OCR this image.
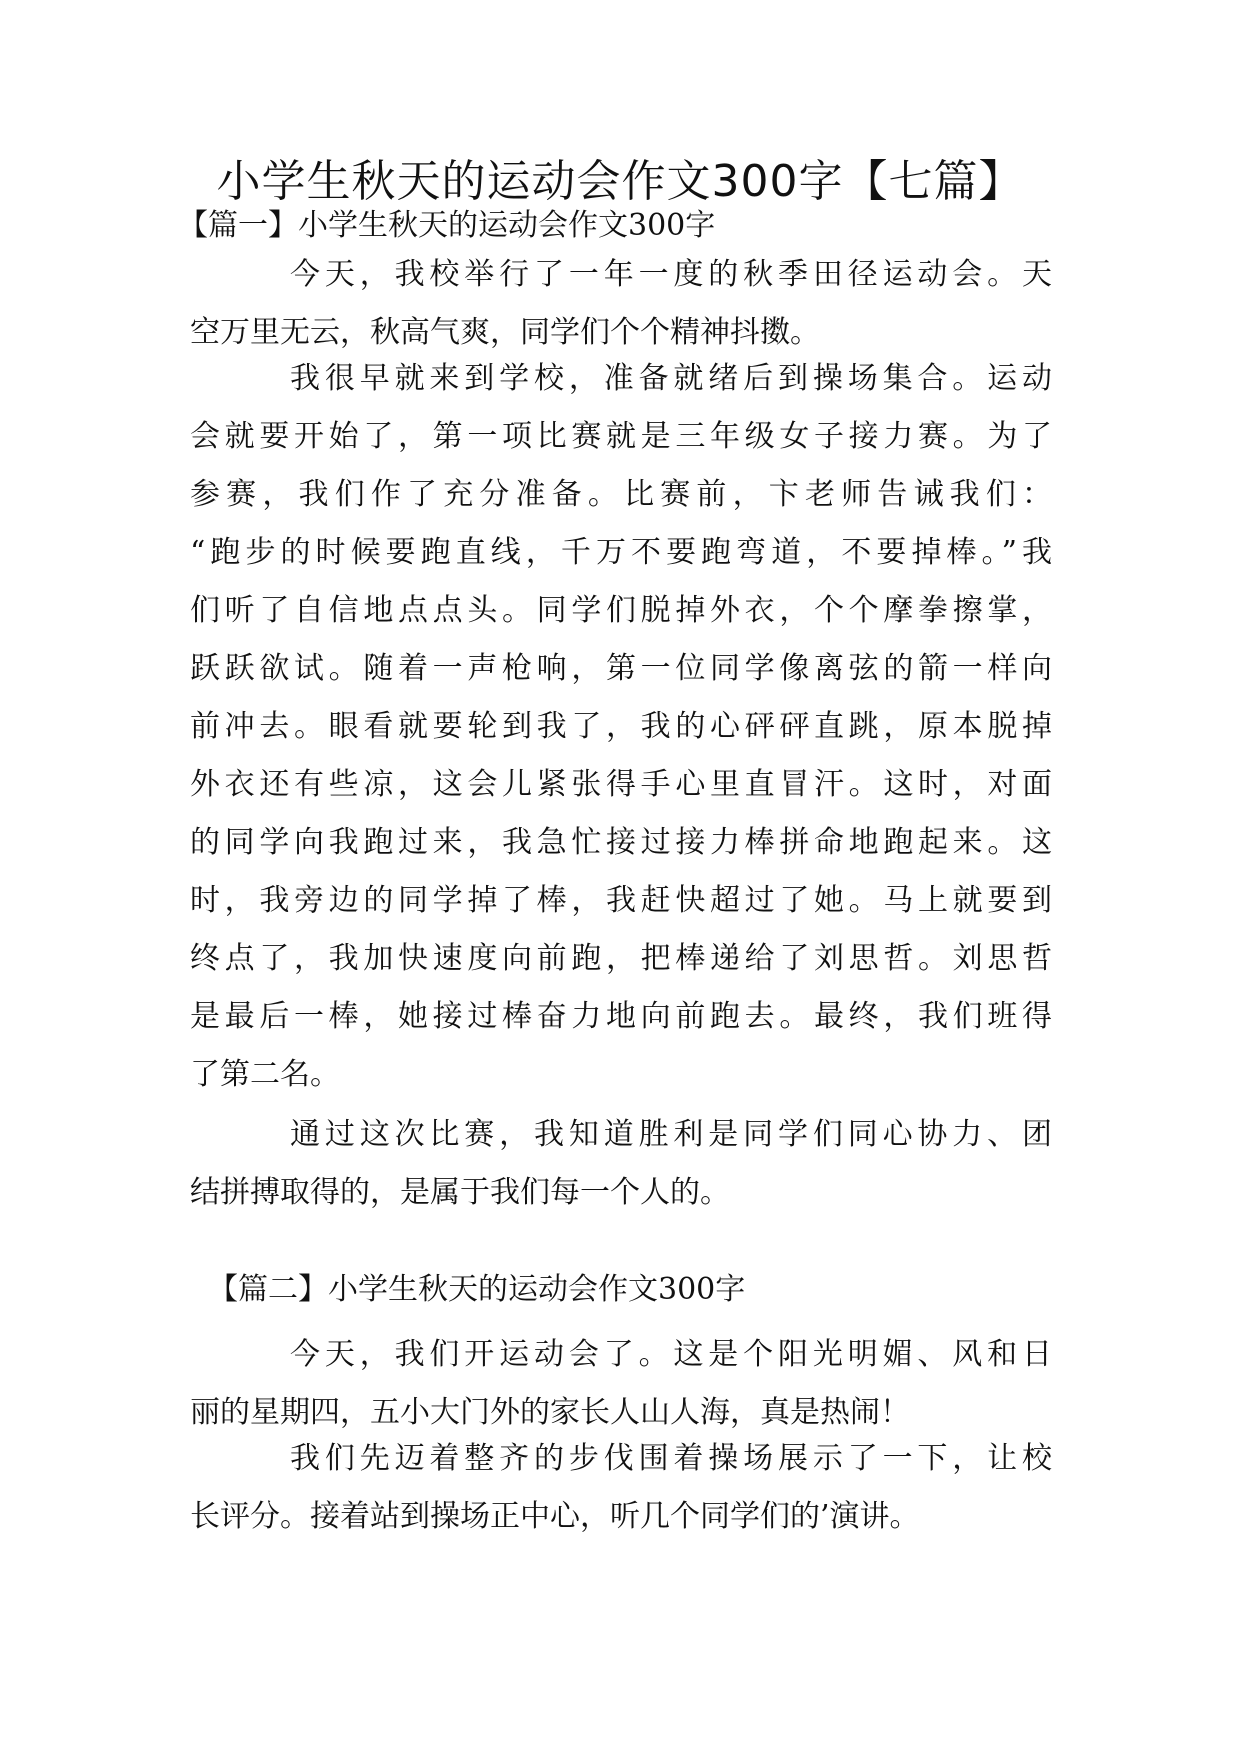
小学生秋天的运动会作文300字【七篇】
【篇一】小学生秋天的运动会作文300字
今天，我校举行了一年一度的秋季田径运动会。天
空万里无云，秋高气爽，同学们个个精神抖擞。
我很早就来到学校，准备就绪后到操场集合。运动
会就要开始了，第一项比赛就是三年级女子接力赛。为了
参赛，我们作了充分准备。比赛前，卞老师告诫我们：
“跑步的时候要跑直线，千万不要跑弯道，不要掉棒。”我
们听了自信地点点头。同学们脱掉外衣，个个摩拳擦掌，
跃跃欲试。随着一声枪响，第一位同学像离弦的箭一样向
前冲去。眼看就要轮到我了，我的心砰砰直跳，原本脱掉
外衣还有些凉，这会儿紧张得手心里直冒汗。这时，对面
的同学向我跑过来，我急忙接过接力棒拼命地跑起来。这
时，我旁边的同学掉了棒，我赶快超过了她。马上就要到
终点了，我加快速度向前跑，把棒递给了刘思哲。刘思哲
是最后一棒，她接过棒奋力地向前跑去。最终，我们班得
了第二名。
通过这次比赛，我知道胜利是同学们同心协力、团
结拼搏取得的，是属于我们每一个人的。
【篇二】小学生秋天的运动会作文300字
今天，我们开运动会了。这是个阳光明媚、风和日
丽的星期四，五小大门外的家长人山人海，真是热闹！
我们先迈着整齐的步伐围着操场展示了一下，让校
长评分。接着站到操场正中心，听几个同学们的’演讲。
